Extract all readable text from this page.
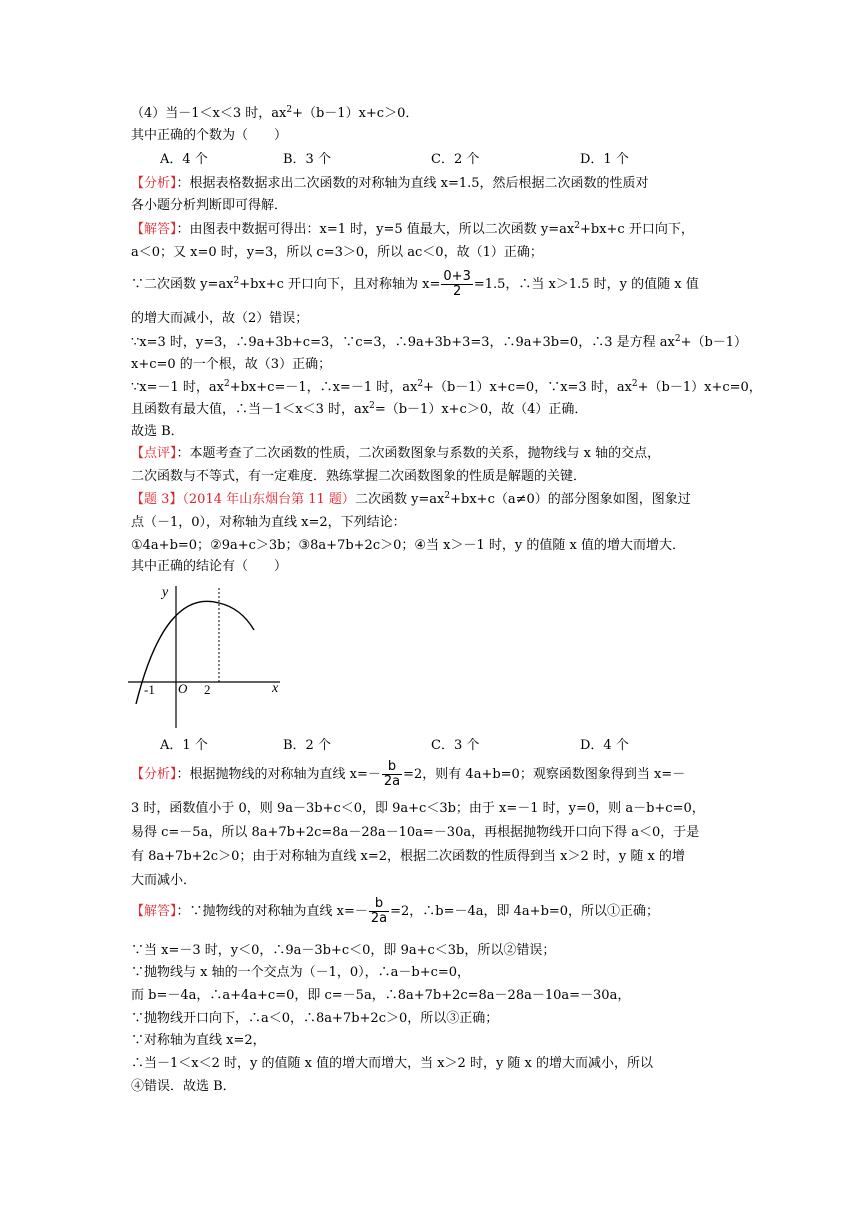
（4）当－1＜x＜3 时，$ax^2+(b-1)x+c>0$．
其中正确的个数为（　　）
A．4 个	B．3 个	C．2 个	D．1 个
【分析】：根据表格数据求出二次函数的对称轴为直线 x=1.5，然后根据二次函数的性质对
各小题分析判断即可得解．
【解答】：由图表中数据可得出：x=1 时，y=5 值最大，所以二次函数 $y=ax^2+bx+c$ 开口向下，
a＜0；又 x=0 时，y=3，所以 c=3＞0，所以 ac＜0，故（1）正确；
∵二次函数 $y=ax^2+bx+c$ 开口向下，且对称轴为 $x= \frac{0+3}{2} =1.5$，∴当 x＞1.5 时，y 的值随 x 值
的增大而减小，故（2）错误；
∵x=3 时，y=3，∴9a+3b+c=3，∵c=3，∴9a+3b+3=3，∴9a+3b=0，∴3 是方程 $ax^2+(b-1)$
x+c=0 的一个根，故（3）正确；
∵x=－1 时，$ax^2+bx+c=-1$，∴x=－1 时，$ax^2+(b-1)x+c=0$，∵x=3 时，$ax^2+(b-1)x+c=0$，
且函数有最大值，∴当－1＜x＜3 时，$ax^2=(b-1)x+c>0$，故（4）正确．
故选 B．
【点评】：本题考查了二次函数的性质，二次函数图象与系数的关系，抛物线与 x 轴的交点，
二次函数与不等式，有一定难度．熟练掌握二次函数图象的性质是解题的关键．
【题 3】（2014 年山东烟台第 11 题）二次函数 $y=ax^2+bx+c(a\ne 0)$的部分图象如图，图象过
点（－1，0），对称轴为直线 x=2，下列结论：
①4a+b=0；②9a+c＞3b；③8a+7b+2c＞0；④当 x＞－1 时，y 的值随 x 值的增大而增大．
其中正确的结论有（　　）
y
x
O
-1	2
A．1 个	B．2 个	C．3 个	D．4 个
【分析】：根据抛物线的对称轴为直线 $x=- \frac{b}{2a} =2$，则有 4a+b=0；观察函数图象得到当 x=－
3 时，函数值小于 0，则 9a－3b+c＜0，即 9a+c＜3b；由于 x=－1 时，y=0，则 a－b+c=0，
易得 c=－5a，所以 8a+7b+2c=8a－28a－10a=－30a，再根据抛物线开口向下得 a＜0，于是
有 8a+7b+2c＞0；由于对称轴为直线 x=2，根据二次函数的性质得到当 x＞2 时，y 随 x 的增
大而减小．
【解答】：∵抛物线的对称轴为直线 $x=- \frac{b}{2a} =2$，∴b=－4a，即 4a+b=0，所以①正确；
∵当 x=－3 时，y＜0，∴9a－3b+c＜0，即 9a+c＜3b，所以②错误；
∵抛物线与 x 轴的一个交点为（－1，0），∴a－b+c=0，
而 b=－4a，∴a+4a+c=0，即 c=－5a，∴8a+7b+2c=8a－28a－10a=－30a，
∵抛物线开口向下，∴a＜0，∴8a+7b+2c＞0，所以③正确；
∵对称轴为直线 x=2，
∴当－1＜x＜2 时，y 的值随 x 值的增大而增大，当 x＞2 时，y 随 x 的增大而减小，所以
④错误．故选 B．
